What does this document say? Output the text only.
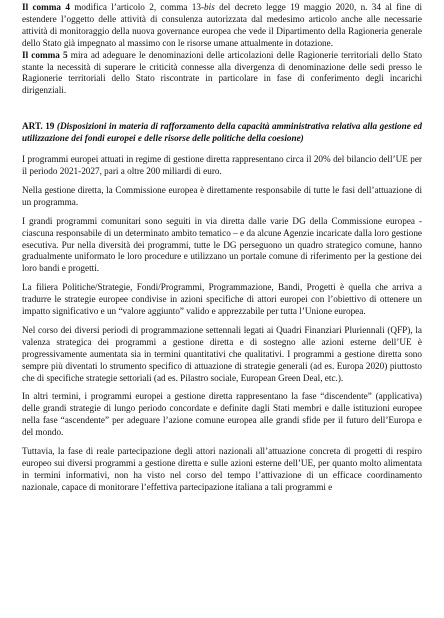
Il comma 4 modifica l’articolo 2, comma 13-bis del decreto legge 19 maggio 2020, n. 34 al fine di estendere l’oggetto delle attività di consulenza autorizzata dal medesimo articolo anche alle necessarie attività di monitoraggio della nuova governance europea che vede il Dipartimento della Ragioneria generale dello Stato già impegnato al massimo con le risorse umane attualmente in dotazione.

Il comma 5 mira ad adeguare le denominazioni delle articolazioni delle Ragionerie territoriali dello Stato stante la necessità di superare le criticità connesse alla divergenza di denominazione delle sedi presso le Ragionerie territoriali dello Stato riscontrate in particolare in fase di conferimento degli incarichi dirigenziali.

ART. 19 (Disposizioni in materia di rafforzamento della capacità amministrativa relativa alla gestione ed utilizzazione dei fondi europei e delle risorse delle politiche della coesione)

I programmi europei attuati in regime di gestione diretta rappresentano circa il 20% del bilancio dell’UE per il periodo 2021-2027, pari a oltre 200 miliardi di euro.

Nella gestione diretta, la Commissione europea è direttamente responsabile di tutte le fasi dell’attuazione di un programma.

I grandi programmi comunitari sono seguiti in via diretta dalle varie DG della Commissione europea - ciascuna responsabile di un determinato ambito tematico – e da alcune Agenzie incaricate dalla loro gestione esecutiva. Pur nella diversità dei programmi, tutte le DG perseguono un quadro strategico comune, hanno gradualmente uniformato le loro procedure e utilizzano un portale comune di riferimento per la gestione dei loro bandi e progetti.

La filiera Politiche/Strategie, Fondi/Programmi, Programmazione, Bandi, Progetti è quella che arriva a tradurre le strategie europee condivise in azioni specifiche di attori europei con l’obiettivo di ottenere un impatto significativo e un “valore aggiunto” valido e apprezzabile per tutta l’Unione europea.

Nel corso dei diversi periodi di programmazione settennali legati ai Quadri Finanziari Pluriennali (QFP), la valenza strategica dei programmi a gestione diretta e di sostegno alle azioni esterne dell’UE è progressivamente aumentata sia in termini quantitativi che qualitativi. I programmi a gestione diretta sono sempre più diventati lo strumento specifico di attuazione di strategie generali (ad es. Europa 2020) piuttosto che di specifiche strategie settoriali (ad es. Pilastro sociale, European Green Deal, etc.).

In altri termini, i programmi europei a gestione diretta rappresentano la fase “discendente” (applicativa) delle grandi strategie di lungo periodo concordate e definite dagli Stati membri e dalle istituzioni europee nella fase “ascendente” per adeguare l’azione comune europea alle grandi sfide per il futuro dell’Europa e del mondo.

Tuttavia, la fase di reale partecipazione degli attori nazionali all’attuazione concreta di progetti di respiro europeo sui diversi programmi a gestione diretta e sulle azioni esterne dell’UE, per quanto molto alimentata in termini informativi, non ha visto nel corso del tempo l’attivazione di un efficace coordinamento nazionale, capace di monitorare l’effettiva partecipazione italiana a tali programmi e
